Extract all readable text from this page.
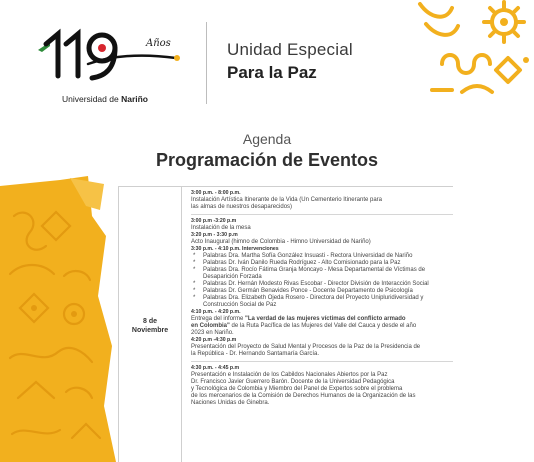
Años
Universidad de Nariño
Unidad Especial
Para la Paz
Agenda
Programación de Eventos
8 de
Noviembre
3:00 p.m. - 8:00 p.m.
Instalación Artística Itinerante de la Vida (Un Cementerio Itinerante para
las almas de nuestros desaparecidos)
3:00 p.m -3:20 p.m
Instalación de la mesa
3:20 p.m - 3:30 p.m
Acto Inaugural (himno de Colombia - Himno Universidad de Nariño)
3:30 p.m. - 4:10 p.m. Intervenciones
* Palabras Dra. Martha Sofía González Insuasti - Rectora Universidad de Nariño
* Palabras Dr. Iván Danilo Rueda Rodríguez - Alto Comisionado para la Paz
* Palabras Dra. Rocío Fátima Granja Moncayo - Mesa Departamental de Víctimas de Desaparición Forzada
* Palabras Dr. Hernán Modesto Rivas Escobar - Director División de Interacción Social
* Palabras Dr. Germán Benavides Ponce - Docente Departamento de Psicología
* Palabras Dra. Elizabeth Ojeda Rosero - Directora del Proyecto Unipluridiversidad y Construcción Social de Paz
4:10 p.m. - 4:20 p.m.
Entrega del informe "La verdad de las mujeres víctimas del conflicto armado
en Colombia" de la Ruta Pacífica de las Mujeres del Valle del Cauca y desde el año
2023 en Nariño.
4:20 p.m -4:30 p.m
Presentación del Proyecto de Salud Mental y Procesos de la Paz de la Presidencia de
la República - Dr. Hernando Santamaría García.
4:30 p.m. - 4:45 p.m
Presentación e Instalación de los Cabildos Nacionales Abiertos por la Paz
Dr. Francisco Javier Guerrero Barón. Docente de la Universidad Pedagógica
y Tecnológica de Colombia y Miembro del Panel de Expertos sobre el problema
de los mercenarios de la Comisión de Derechos Humanos de la Organización de las
Naciones Unidas de Ginebra.
